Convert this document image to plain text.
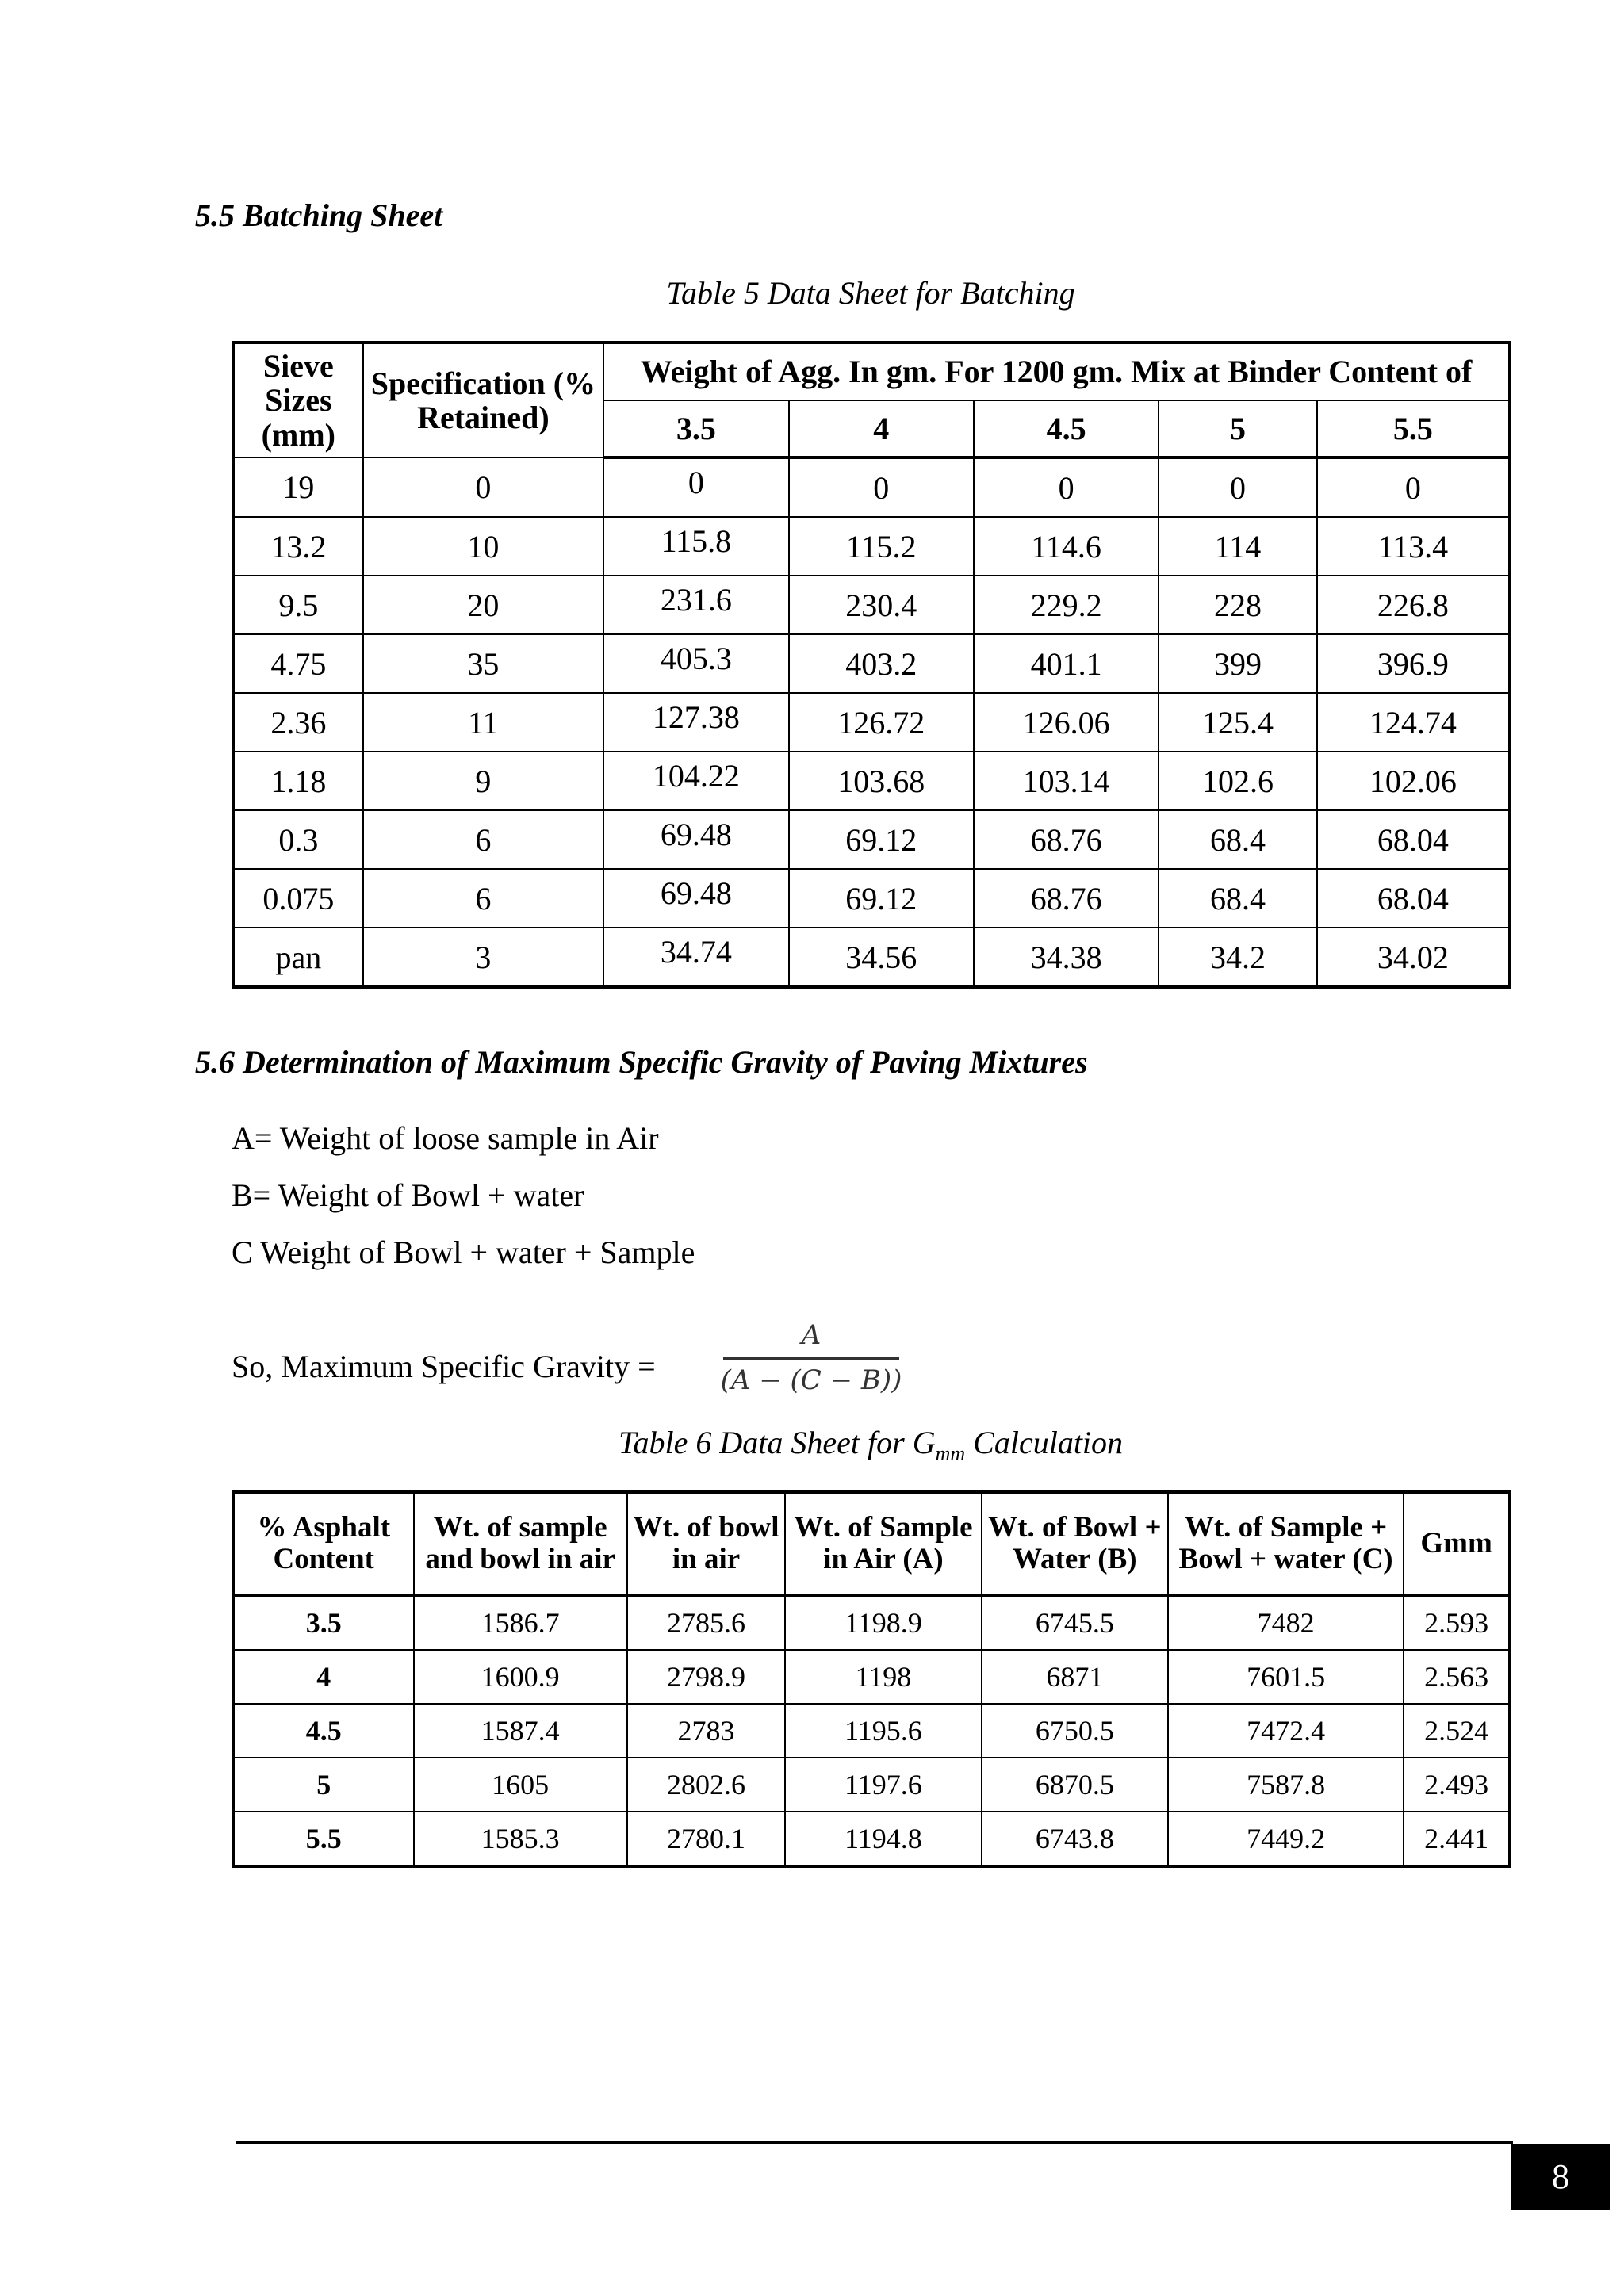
5.5 Batching Sheet
Table 5 Data Sheet for Batching
Sieve Sizes (mm)	Specification (% Retained)	Weight of Agg. In gm. For 1200 gm. Mix at Binder Content of				
		3.5	4	4.5	5	5.5
19	0	0	0	0	0	0
13.2	10	115.8	115.2	114.6	114	113.4
9.5	20	231.6	230.4	229.2	228	226.8
4.75	35	405.3	403.2	401.1	399	396.9
2.36	11	127.38	126.72	126.06	125.4	124.74
1.18	9	104.22	103.68	103.14	102.6	102.06
0.3	6	69.48	69.12	68.76	68.4	68.04
0.075	6	69.48	69.12	68.76	68.4	68.04
pan	3	34.74	34.56	34.38	34.2	34.02
5.6 Determination of Maximum Specific Gravity of Paving Mixtures
A= Weight of loose sample in Air
B= Weight of Bowl + water
C Weight of Bowl + water + Sample
So, Maximum Specific Gravity =
A
(A − (C − B))
Table 6 Data Sheet for $G_{mm}$ Calculation
% Asphalt Content	Wt. of sample and bowl in air	Wt. of bowl in air	Wt. of Sample in Air (A)	Wt. of Bowl + Water (B)	Wt. of Sample + Bowl + water (C)	Gmm
3.5	1586.7	2785.6	1198.9	6745.5	7482	2.593
4	1600.9	2798.9	1198	6871	7601.5	2.563
4.5	1587.4	2783	1195.6	6750.5	7472.4	2.524
5	1605	2802.6	1197.6	6870.5	7587.8	2.493
5.5	1585.3	2780.1	1194.8	6743.8	7449.2	2.441
8
